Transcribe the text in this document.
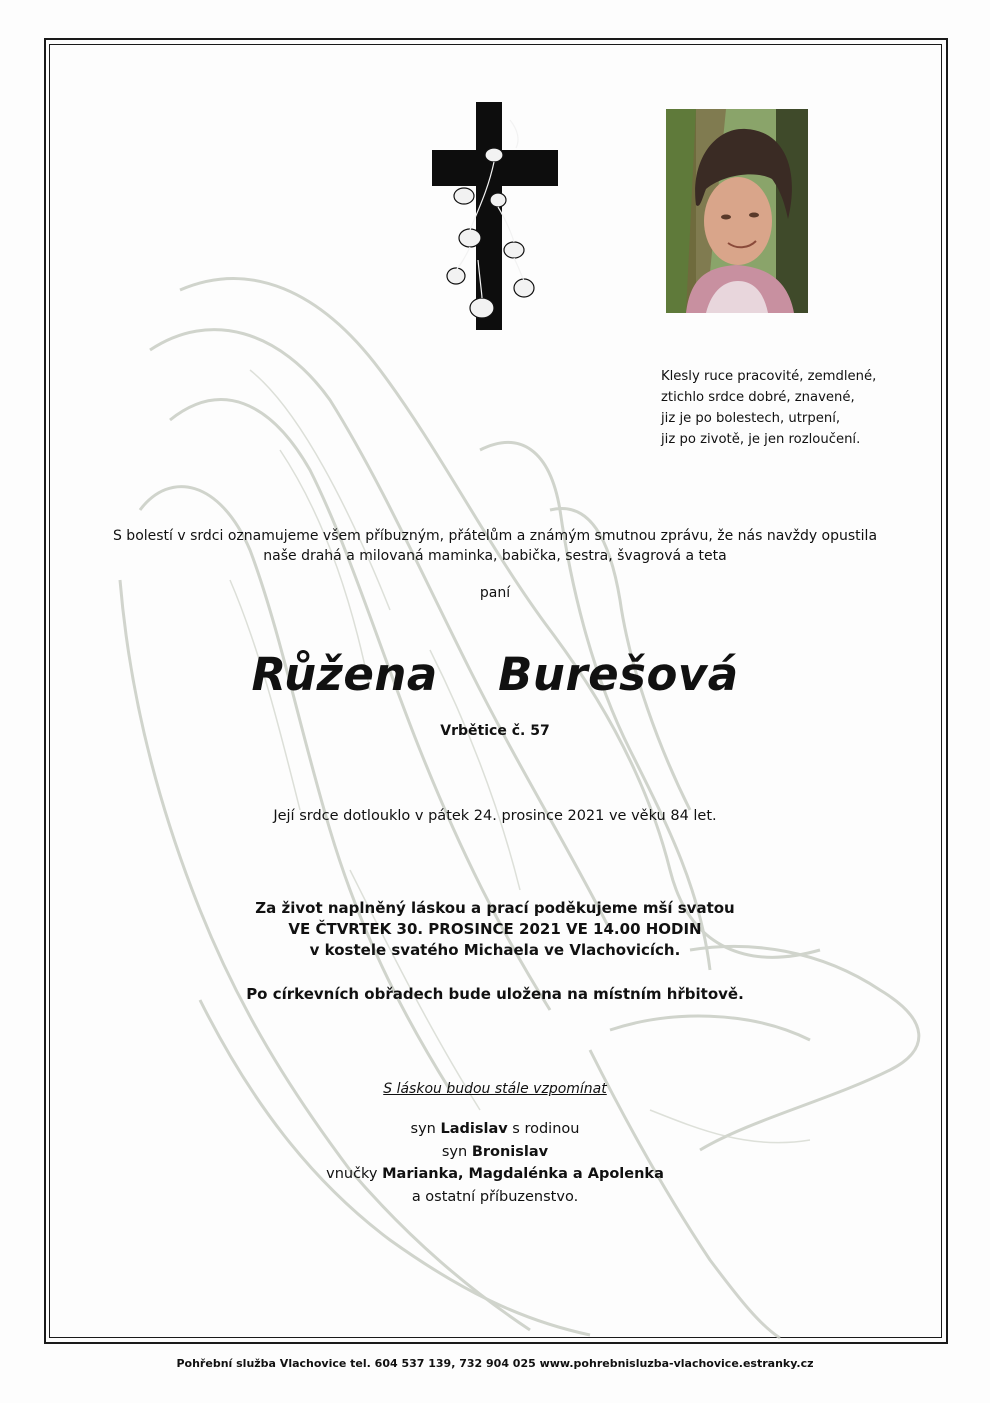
Klesly ruce pracovité, zemdlené,
ztichlo srdce dobré, znavené,
jiz je po bolestech, utrpení,
jiz po zivotě, je jen rozloučení.
S bolestí v srdci oznamujeme všem příbuzným, přátelům a známým smutnou zprávu, že nás navždy opustila
naše drahá a milovaná maminka, babička, sestra, švagrová a teta
paní
Růžena  Burešová
Vrbětice č. 57
Její srdce dotlouklo v pátek 24. prosince 2021 ve věku 84 let.
Za život naplněný láskou a prací poděkujeme mší svatou
VE ČTVRTEK 30. PROSINCE 2021 VE 14.00 HODIN
v kostele svatého Michaela ve Vlachovicích.
Po církevních obřadech bude uložena na místním hřbitově.
S láskou budou stále vzpomínat
syn Ladislav s rodinou
syn Bronislav
vnučky Marianka, Magdalénka a Apolenka
a ostatní příbuzenstvo.
Pohřební služba Vlachovice tel. 604 537 139, 732 904 025 www.pohrebnisluzba-vlachovice.estranky.cz
